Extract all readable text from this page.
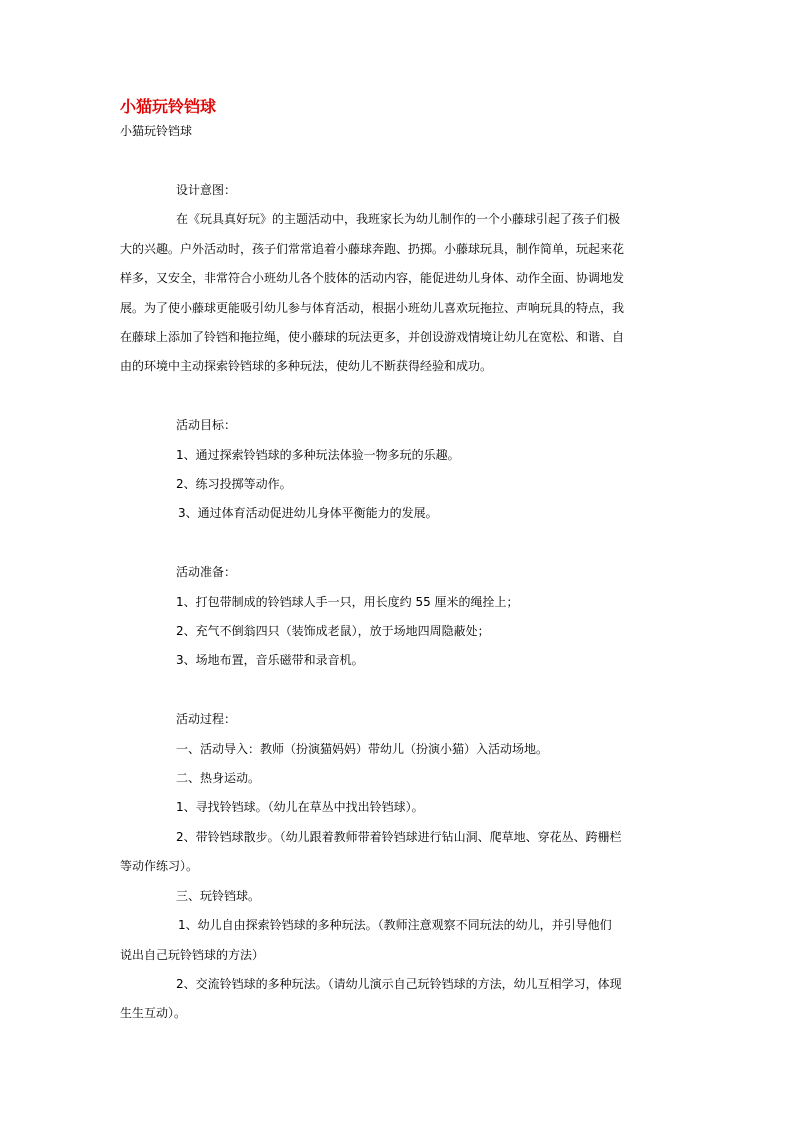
小猫玩铃铛球
小猫玩铃铛球
设计意图：
在《玩具真好玩》的主题活动中，我班家长为幼儿制作的一个小藤球引起了孩子们极
大的兴趣。户外活动时，孩子们常常追着小藤球奔跑、扔掷。小藤球玩具，制作简单，玩起来花
样多，又安全，非常符合小班幼儿各个肢体的活动内容，能促进幼儿身体、动作全面、协调地发
展。为了使小藤球更能吸引幼儿参与体育活动，根据小班幼儿喜欢玩拖拉、声响玩具的特点，我
在藤球上添加了铃铛和拖拉绳，使小藤球的玩法更多，并创设游戏情境让幼儿在宽松、和谐、自
由的环境中主动探索铃铛球的多种玩法，使幼儿不断获得经验和成功。
活动目标：
1、通过探索铃铛球的多种玩法体验一物多玩的乐趣。
2、练习投掷等动作。
3、通过体育活动促进幼儿身体平衡能力的发展。
活动准备：
1、打包带制成的铃铛球人手一只，用长度约 55 厘米的绳拴上；
2、充气不倒翁四只（装饰成老鼠），放于场地四周隐蔽处；
3、场地布置，音乐磁带和录音机。
活动过程：
一、活动导入：教师（扮演猫妈妈）带幼儿（扮演小猫）入活动场地。
二、热身运动。
1、寻找铃铛球。（幼儿在草丛中找出铃铛球）。
2、带铃铛球散步。（幼儿跟着教师带着铃铛球进行钻山洞、爬草地、穿花丛、跨栅栏
等动作练习）。
三、玩铃铛球。
1、幼儿自由探索铃铛球的多种玩法。（教师注意观察不同玩法的幼儿，并引导他们
说出自己玩铃铛球的方法）
2、交流铃铛球的多种玩法。（请幼儿演示自己玩铃铛球的方法，幼儿互相学习，体现
生生互动）。
